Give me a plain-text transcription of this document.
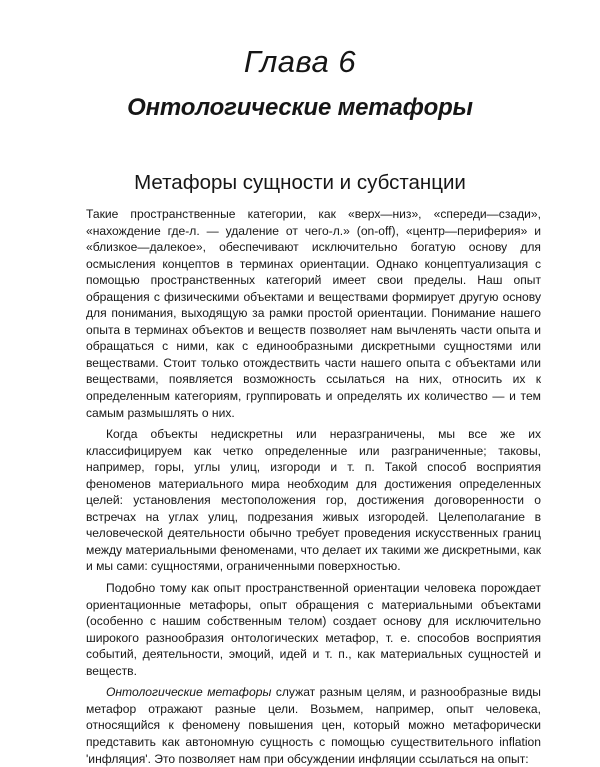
Глава 6
Онтологические метафоры
Метафоры сущности и субстанции

Такие пространственные категории, как «верх—низ», «спереди—сзади», «нахождение где-л. — удаление от чего-л.» (on-off), «центр—периферия» и «близкое—далекое», обеспечивают исключительно богатую основу для осмысления концептов в терминах ориентации. Однако концептуализация с помощью пространственных категорий имеет свои пределы. Наш опыт обращения с физическими объектами и веществами формирует другую основу для понимания, выходящую за рамки простой ориентации. Понимание нашего опыта в терминах объектов и веществ позволяет нам вычленять части опыта и обращаться с ними, как с единообразными дискретными сущностями или веществами. Стоит только отождествить части нашего опыта с объектами или веществами, появляется возможность ссылаться на них, относить их к определенным категориям, группировать и определять их количество — и тем самым размышлять о них.

Когда объекты недискретны или неразграничены, мы все же их классифицируем как четко определенные или разграниченные; таковы, например, горы, углы улиц, изгороди и т. п. Такой способ восприятия феноменов материального мира необходим для достижения определенных целей: установления местоположения гор, достижения договоренности о встречах на углах улиц, подрезания живых изгородей. Целеполагание в человеческой деятельности обычно требует проведения искусственных границ между материальными феноменами, что делает их такими же дискретными, как и мы сами: сущностями, ограниченными поверхностью.

Подобно тому как опыт пространственной ориентации человека порождает ориентационные метафоры, опыт обращения с материальными объектами (особенно с нашим собственным телом) создает основу для исключительно широкого разнообразия онтологических метафор, т. е. способов восприятия событий, деятельности, эмоций, идей и т. п., как материальных сущностей и веществ.

Онтологические метафоры служат разным целям, и разнообразные виды метафор отражают разные цели. Возьмем, например, опыт человека, относящийся к феномену повышения цен, который можно метафорически представить как автономную сущность с помощью существительного inflation 'инфляция'. Это позволяет нам при обсуждении инфляции ссылаться на опыт:
